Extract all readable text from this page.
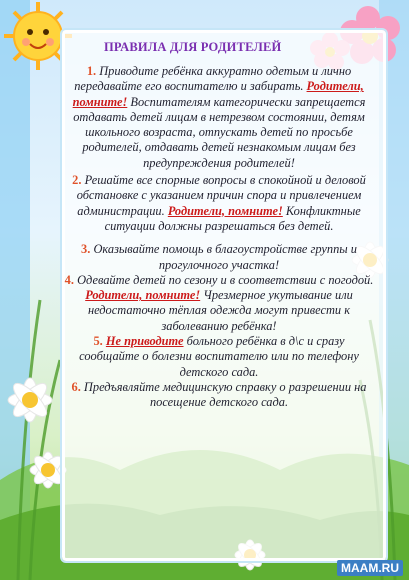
ПРАВИЛА ДЛЯ РОДИТЕЛЕЙ

1. Приводите ребёнка аккуратно одетым и лично передавайте его воспитателю и забирать. Родители, помните! Воспитателям категорически запрещается отдавать детей лицам в нетрезвом состоянии, детям школьного возраста, отпускать детей по просьбе родителей, отдавать детей незнакомым лицам без предупреждения родителей!

2. Решайте все спорные вопросы в спокойной и деловой обстановке с указанием причин спора и привлечением администрации. Родители, помните! Конфликтные ситуации должны разрешаться без детей.

3. Оказывайте помощь в благоустройстве группы и прогулочного участка!

4. Одевайте детей по сезону и в соответствии с погодой. Родители, помните! Чрезмерное укутывание или недостаточно тёплая одежда могут привести к заболеванию ребёнка!

5. Не приводите больного ребёнка в д\с и сразу сообщайте о болезни воспитателю или по телефону детского сада.

6. Предъявляйте медицинскую справку о разрешении на посещение детского сада.

MAAM.RU
